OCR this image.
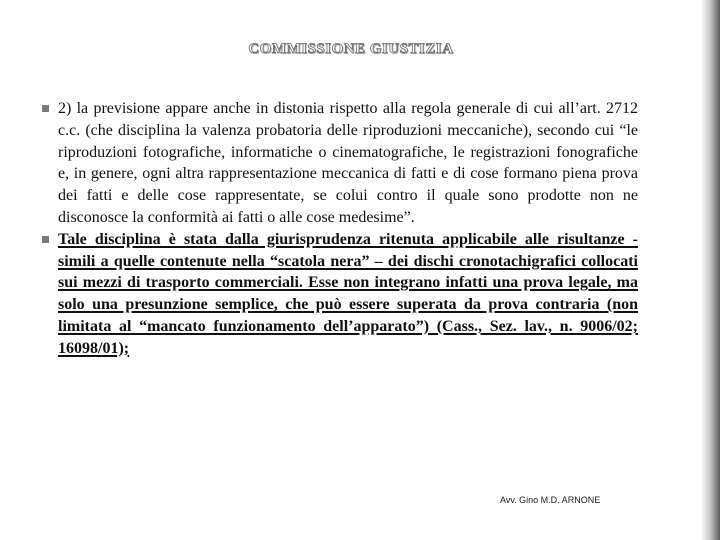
COMMISSIONE GIUSTIZIA
2) la previsione appare anche in distonia rispetto alla regola generale di cui all’art. 2712 c.c. (che disciplina la valenza probatoria delle riproduzioni meccaniche), secondo cui “le riproduzioni fotografiche, informatiche o cinematografiche, le registrazioni fonografiche e, in genere, ogni altra rappresentazione meccanica di fatti e di cose formano piena prova dei fatti e delle cose rappresentate, se colui contro il quale sono prodotte non ne disconosce la conformità ai fatti o alle cose medesime”.
Tale disciplina è stata dalla giurisprudenza ritenuta applicabile alle risultanze - simili a quelle contenute nella “scatola nera” – dei dischi cronotachigrafici collocati sui mezzi di trasporto commerciali. Esse non integrano infatti una prova legale, ma solo una presunzione semplice, che può essere superata da prova contraria (non limitata al “mancato funzionamento dell’apparato”) (Cass., Sez. lav., n. 9006/02; 16098/01);
Avv. Gino M.D. ARNONE
